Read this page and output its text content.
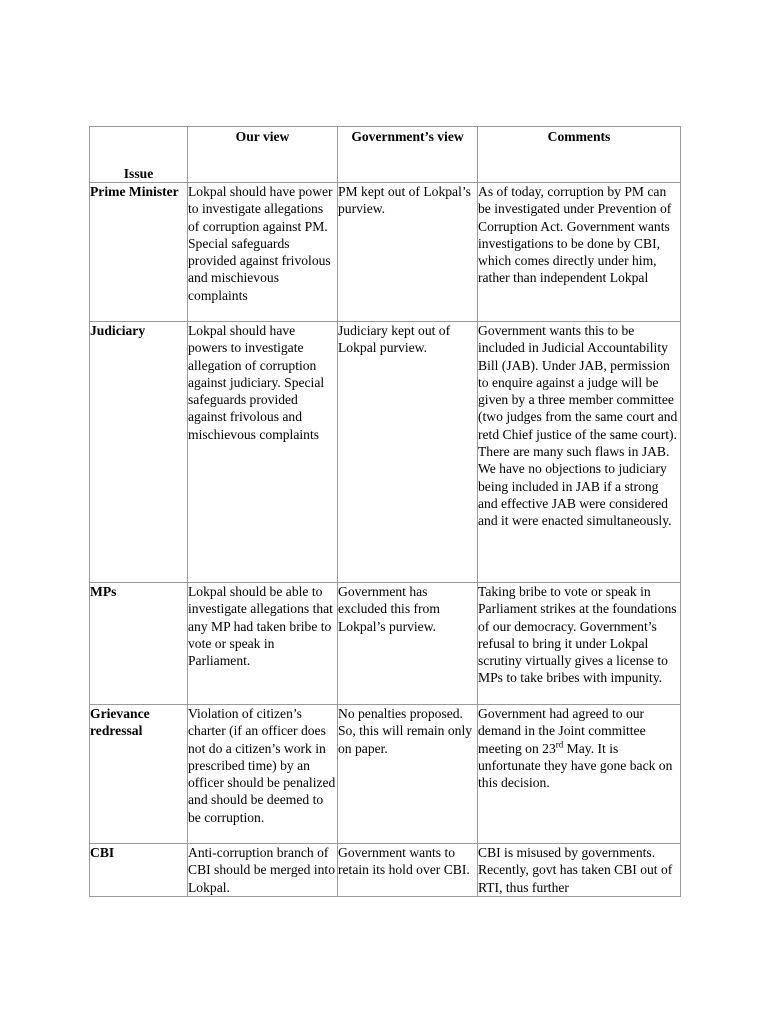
Issue	Our view	Government’s view	Comments

Prime Minister	Lokpal should have power to investigate allegations of corruption against PM. Special safeguards provided against frivolous and mischievous complaints	PM kept out of Lokpal’s purview.	As of today, corruption by PM can be investigated under Prevention of Corruption Act. Government wants investigations to be done by CBI, which comes directly under him, rather than independent Lokpal

Judiciary	Lokpal should have powers to investigate allegation of corruption against judiciary. Special safeguards provided against frivolous and mischievous complaints	Judiciary kept out of Lokpal purview.	Government wants this to be included in Judicial Accountability Bill (JAB). Under JAB, permission to enquire against a judge will be given by a three member committee (two judges from the same court and retd Chief justice of the same court). There are many such flaws in JAB. We have no objections to judiciary being included in JAB if a strong and effective JAB were considered and it were enacted simultaneously.

MPs	Lokpal should be able to investigate allegations that any MP had taken bribe to vote or speak in Parliament.	Government has excluded this from Lokpal’s purview.	Taking bribe to vote or speak in Parliament strikes at the foundations of our democracy. Government’s refusal to bring it under Lokpal scrutiny virtually gives a license to MPs to take bribes with impunity.

Grievance redressal	Violation of citizen’s charter (if an officer does not do a citizen’s work in prescribed time) by an officer should be penalized and should be deemed to be corruption.	No penalties proposed. So, this will remain only on paper.	Government had agreed to our demand in the Joint committee meeting on 23rd May. It is unfortunate they have gone back on this decision.

CBI	Anti-corruption branch of CBI should be merged into Lokpal.	Government wants to retain its hold over CBI.	CBI is misused by governments. Recently, govt has taken CBI out of RTI, thus further
